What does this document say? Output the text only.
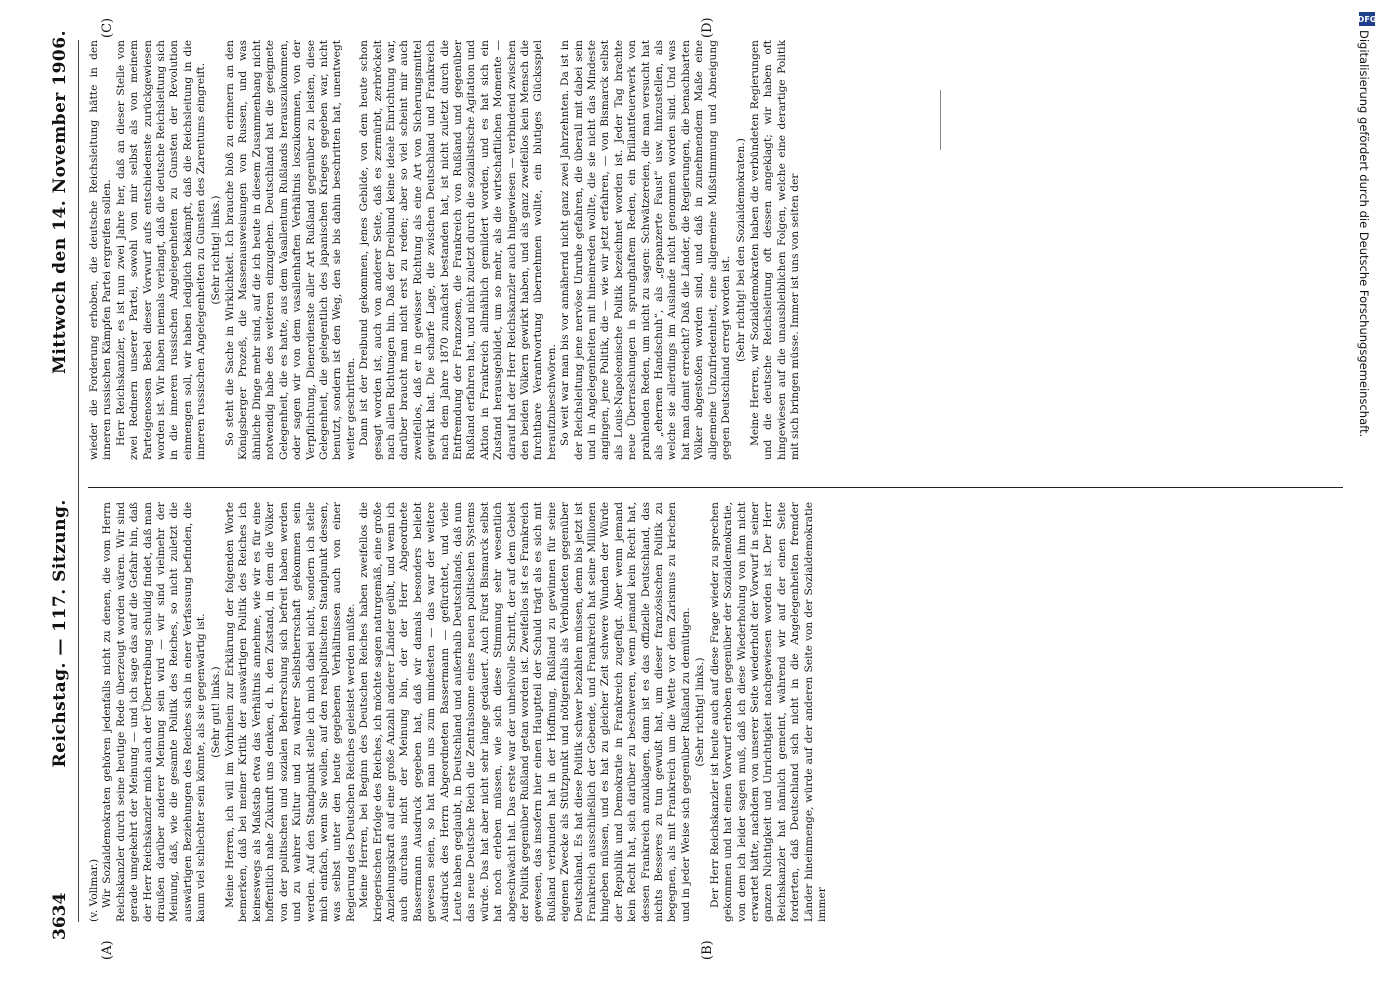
3634
Reichstag. — 117. Sitzung.
Mittwoch den 14. November 1906.
(A)	(B)
(C)	(D)

(v. Vollmar.) Wir Sozialdemokraten gehören jedenfalls nicht zu denen, die vom Herrn Reichskanzler durch seine heutige Rede überzeugt worden wären. Wir sind gerade umgekehrt der Meinung — und ich sage das auf die Gefahr hin, daß der Herr Reichskanzler mich auch der Übertreibung schuldig findet, daß man draußen darüber anderer Meinung sein wird — wir sind vielmehr der Meinung, daß, wie die gesamte Politik des Reiches, so nicht zuletzt die auswärtigen Beziehungen des Reiches sich in einer Verfassung befinden, die kaum viel schlechter sein könnte, als sie gegenwärtig ist. (Sehr gut! links.) Meine Herren, ich will im Vorhinein zur Erklärung der folgenden Worte bemerken, daß bei meiner Kritik der auswärtigen Politik des Reiches ich keineswegs als Maßstab etwa das Verhältnis annehme, wie wir es für eine hoffentlich nahe Zukunft uns denken, d. h. den Zustand, in dem die Völker von der politischen und sozialen Beherrschung sich befreit haben werden und zu wahrer Kultur und zu wahrer Selbstherrschaft gekommen sein werden. Auf den Standpunkt stelle ich mich dabei nicht, sondern ich stelle mich einfach, wenn Sie wollen, auf den realpolitischen Standpunkt dessen, was selbst unter den heute gegebenen Verhältnissen auch von einer Regierung des Deutschen Reiches geleistet werden müßte. Meine Herren, bei Beginn des Deutschen Reiches haben zweifellos die kriegerischen Erfolge des Reiches, ich möchte sagen naturgemäß, eine große Anziehungskraft auf eine große Anzahl anderer Länder geübt, und wenn ich auch durchaus nicht der Meinung bin, der der Herr Abgeordnete Bassermann Ausdruck gegeben hat, daß wir damals besonders beliebt gewesen seien, so hat man uns zum mindesten — das war der weitere Ausdruck des Herrn Abgeordneten Bassermann — gefürchtet, und viele Leute haben geglaubt, in Deutschland und außerhalb Deutschlands, daß nun das neue Deutsche Reich die Zentralsonne eines neuen politischen Systems würde. Das hat aber nicht sehr lange gedauert. Auch Fürst Bismarck selbst hat noch erleben müssen, wie sich diese Stimmung sehr wesentlich abgeschwächt hat. Das erste war der unheilvolle Schritt, der auf dem Gebiet der Politik gegenüber Rußland getan worden ist. Zweifellos ist es Frankreich gewesen, das insofern hier einen Hauptteil der Schuld trägt als es sich mit Rußland verbunden hat in der Hoffnung, Rußland zu gewinnen für seine eigenen Zwecke als Stützpunkt und nötigenfalls als Verbündeten gegenüber Deutschland. Es hat diese Politik schwer bezahlen müssen, denn bis jetzt ist Frankreich ausschließlich der Gebende, und Frankreich hat seine Millionen hingeben müssen, und es hat zu gleicher Zeit schwere Wunden der Würde der Republik und Demokratie in Frankreich zugefügt. Aber wenn jemand kein Recht hat, sich darüber zu beschweren, wenn jemand kein Recht hat, dessen Frankreich anzuklagen, dann ist es das offizielle Deutschland, das nichts Besseres zu tun gewußt hat, um dieser französischen Politik zu begegnen, als mit Frankreich um die Wette vor dem Zarismus zu kriechen und in jeder Weise sich gegenüber Rußland zu demütigen. (Sehr richtig! links.) Der Herr Reichskanzler ist heute auch auf diese Frage wieder zu sprechen gekommen und hat einen Vorwurf erhoben gegenüber der Sozialdemokratie, von dem ich leider sagen muß, daß ich diese Wiederholung von ihm nicht erwartet hätte, nachdem von unserer Seite wiederholt der Vorwurf in seiner ganzen Nichtigkeit und Unrichtigkeit nachgewiesen worden ist. Der Herr Reichskanzler hat nämlich gemeint, während wir auf der einen Seite forderten, daß Deutschland sich nicht in die Angelegenheiten fremder Länder hineinmenge, würde auf der anderen Seite von der Sozialdemokratie immer

wieder die Forderung erhoben, die deutsche Reichsleitung hätte in den inneren russischen Kämpfen Partei ergreifen sollen. Herr Reichskanzler, es ist nun zwei Jahre her, daß an dieser Stelle von zwei Rednern unserer Partei, sowohl von mir selbst als von meinem Parteigenossen Bebel dieser Vorwurf aufs entschiedenste zurückgewiesen worden ist. Wir haben niemals verlangt, daß die deutsche Reichsleitung sich in die inneren russischen Angelegenheiten zu Gunsten der Revolution einmengen soll, wir haben lediglich bekämpft, daß die Reichsleitung in die inneren russischen Angelegenheiten zu Gunsten des Zarentums eingreift. (Sehr richtig! links.) So steht die Sache in Wirklichkeit. Ich brauche bloß zu erinnern an den Königsberger Prozeß, die Massenausweisungen von Russen, und was ähnliche Dinge mehr sind, auf die ich heute in diesem Zusammenhang nicht notwendig habe des weiteren einzugehen. Deutschland hat die geeignete Gelegenheit, die es hatte, aus dem Vasallentum Rußlands herauszukommen, oder sagen wir von dem vasallenhaften Verhältnis loszukommen, von der Verpflichtung, Dienerdienste aller Art Rußland gegenüber zu leisten, diese Gelegenheit, die gelegentlich des japanischen Krieges gegeben war, nicht benutzt, sondern ist den Weg, den sie bis dahin beschritten hat, unentwegt weiter geschritten. Dann ist der Dreibund gekommen, jenes Gebilde, von dem heute schon gesagt worden ist, auch von anderer Seite, daß es zermürbt, zerbröckelt nach allen Richtungen hin. Daß der Dreibund keine ideale Einrichtung war, darüber braucht man nicht erst zu reden; aber so viel scheint mir auch zweifellos, daß er in gewisser Richtung als eine Art von Sicherungsmittel gewirkt hat. Die scharfe Lage, die zwischen Deutschland und Frankreich nach dem Jahre 1870 zunächst bestanden hat, ist nicht zuletzt durch die Entfremdung der Franzosen, die Frankreich von Rußland und gegenüber Rußland erfahren hat, und nicht zuletzt durch die sozialistische Agitation und Aktion in Frankreich allmählich gemildert worden, und es hat sich ein Zustand herausgebildet, um so mehr, als die wirtschaftlichen Momente — darauf hat der Herr Reichskanzler auch hingewiesen — verbindend zwischen den beiden Völkern gewirkt haben, und als ganz zweifellos kein Mensch die furchtbare Verantwortung übernehmen wollte, ein blutiges Glücksspiel heraufzubeschwören. So weit war man bis vor annähernd nicht ganz zwei Jahrzehnten. Da ist in der Reichsleitung jene nervöse Unruhe gefahren, die überall mit dabei sein und in Angelegenheiten mit hineinreden wollte, die sie nicht das Mindeste angingen, jene Politik, die — wie wir jetzt erfahren, — von Bismarck selbst als Louis-Napoleonische Politik bezeichnet worden ist. Jeder Tag brachte neue Überraschungen in sprunghaftem Reden, ein Brillantfeuerwerk von prahlenden Reden, um nicht zu sagen: Schwätzereien, die man versucht hat als „ehernen Handschuh“, als „gepanzerte Faust“ usw. hinzustellen, als welche sie allerdings im Auslande nicht genommen worden sind. Und was hat man damit erreicht? Daß die Länder, die Regierungen, die benachbarten Völker abgestoßen worden sind, und daß in zunehmendem Maße eine allgemeine Unzufriedenheit, eine allgemeine Mißstimmung und Abneigung gegen Deutschland erregt worden ist. (Sehr richtig! bei den Sozialdemokraten.) Meine Herren, wir Sozialdemokraten haben die verbündeten Regierungen und die deutsche Reichsleitung oft dessen angeklagt; wir haben oft hingewiesen auf die unausbleiblichen Folgen, welche eine derartige Politik mit sich bringen müsse. Immer ist uns von seiten der

DFG
Digitalisierung gefördert durch die Deutsche Forschungsgemeinschaft.
